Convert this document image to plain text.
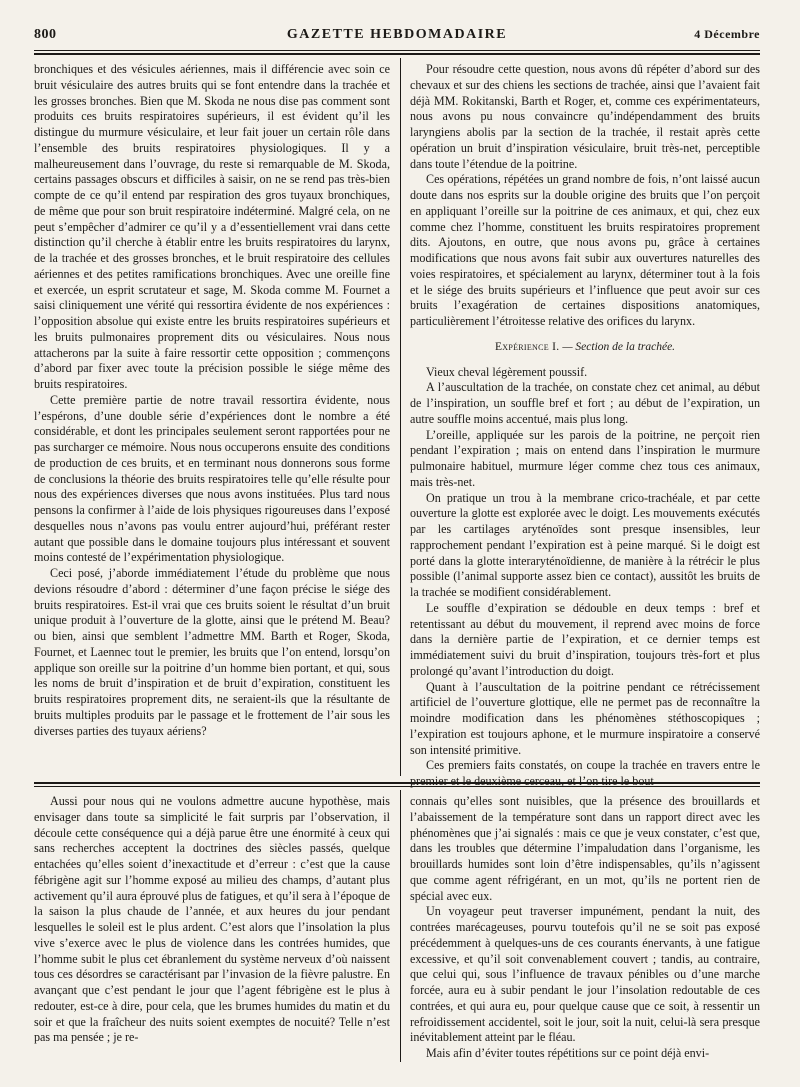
800	GAZETTE HEBDOMADAIRE	4 Décembre

bronchiques et des vésicules aériennes, mais il différencie avec soin ce bruit vésiculaire des autres bruits qui se font entendre dans la trachée et les grosses bronches. Bien que M. Skoda ne nous dise pas comment sont produits ces bruits respiratoires supérieurs, il est évident qu’il les distingue du murmure vésiculaire, et leur fait jouer un certain rôle dans l’ensemble des bruits respiratoires physiologiques. Il y a malheureusement dans l’ouvrage, du reste si remarquable de M. Skoda, certains passages obscurs et difficiles à saisir, on ne se rend pas très-bien compte de ce qu’il entend par respiration des gros tuyaux bronchiques, de même que pour son bruit respiratoire indéterminé. Malgré cela, on ne peut s’empêcher d’admirer ce qu’il y a d’essentiellement vrai dans cette distinction qu’il cherche à établir entre les bruits respiratoires du larynx, de la trachée et des grosses bronches, et le bruit respiratoire des cellules aériennes et des petites ramifications bronchiques. Avec une oreille fine et exercée, un esprit scrutateur et sage, M. Skoda comme M. Fournet a saisi cliniquement une vérité qui ressortira évidente de nos expériences : l’opposition absolue qui existe entre les bruits respiratoires supérieurs et les bruits pulmonaires proprement dits ou vésiculaires. Nous nous attacherons par la suite à faire ressortir cette opposition ; commençons d’abord par fixer avec toute la précision possible le siége même des bruits respiratoires.

Cette première partie de notre travail ressortira évidente, nous l’espérons, d’une double série d’expériences dont le nombre a été considérable, et dont les principales seulement seront rapportées pour ne pas surcharger ce mémoire. Nous nous occuperons ensuite des conditions de production de ces bruits, et en terminant nous donnerons sous forme de conclusions la théorie des bruits respiratoires telle qu’elle résulte pour nous des expériences diverses que nous avons instituées. Plus tard nous pensons la confirmer à l’aide de lois physiques rigoureuses dans l’exposé desquelles nous n’avons pas voulu entrer aujourd’hui, préférant rester autant que possible dans le domaine toujours plus intéressant et souvent moins contesté de l’expérimentation physiologique.

Ceci posé, j’aborde immédiatement l’étude du problème que nous devions résoudre d’abord : déterminer d’une façon précise le siége des bruits respiratoires. Est-il vrai que ces bruits soient le résultat d’un bruit unique produit à l’ouverture de la glotte, ainsi que le prétend M. Beau? ou bien, ainsi que semblent l’admettre MM. Barth et Roger, Skoda, Fournet, et Laennec tout le premier, les bruits que l’on entend, lorsqu’on applique son oreille sur la poitrine d’un homme bien portant, et qui, sous les noms de bruit d’inspiration et de bruit d’expiration, constituent les bruits respiratoires proprement dits, ne seraient-ils que la résultante de bruits multiples produits par le passage et le frottement de l’air sous les diverses parties des tuyaux aériens?

Pour résoudre cette question, nous avons dû répéter d’abord sur des chevaux et sur des chiens les sections de trachée, ainsi que l’avaient fait déjà MM. Rokitanski, Barth et Roger, et, comme ces expérimentateurs, nous avons pu nous convaincre qu’indépendamment des bruits laryngiens abolis par la section de la trachée, il restait après cette opération un bruit d’inspiration vésiculaire, bruit très-net, perceptible dans toute l’étendue de la poitrine.

Ces opérations, répétées un grand nombre de fois, n’ont laissé aucun doute dans nos esprits sur la double origine des bruits que l’on perçoit en appliquant l’oreille sur la poitrine de ces animaux, et qui, chez eux comme chez l’homme, constituent les bruits respiratoires proprement dits. Ajoutons, en outre, que nous avons pu, grâce à certaines modifications que nous avons fait subir aux ouvertures naturelles des voies respiratoires, et spécialement au larynx, déterminer tout à la fois et le siége des bruits supérieurs et l’influence que peut avoir sur ces bruits l’exagération de certaines dispositions anatomiques, particulièrement l’étroitesse relative des orifices du larynx.

Expérience I. — Section de la trachée.

Vieux cheval légèrement poussif.

A l’auscultation de la trachée, on constate chez cet animal, au début de l’inspiration, un souffle bref et fort ; au début de l’expiration, un autre souffle moins accentué, mais plus long.

L’oreille, appliquée sur les parois de la poitrine, ne perçoit rien pendant l’expiration ; mais on entend dans l’inspiration le murmure pulmonaire habituel, murmure léger comme chez tous ces animaux, mais très-net.

On pratique un trou à la membrane crico-trachéale, et par cette ouverture la glotte est explorée avec le doigt. Les mouvements exécutés par les cartilages aryténoïdes sont presque insensibles, leur rapprochement pendant l’expiration est à peine marqué. Si le doigt est porté dans la glotte interaryténoïdienne, de manière à la rétrécir le plus possible (l’animal supporte assez bien ce contact), aussitôt les bruits de la trachée se modifient considérablement.

Le souffle d’expiration se dédouble en deux temps : bref et retentissant au début du mouvement, il reprend avec moins de force dans la dernière partie de l’expiration, et ce dernier temps est immédiatement suivi du bruit d’inspiration, toujours très-fort et plus prolongé qu’avant l’introduction du doigt.

Quant à l’auscultation de la poitrine pendant ce rétrécissement artificiel de l’ouverture glottique, elle ne permet pas de reconnaître la moindre modification dans les phénomènes stéthoscopiques ; l’expiration est toujours aphone, et le murmure inspiratoire a conservé son intensité primitive.

Ces premiers faits constatés, on coupe la trachée en travers entre le premier et le deuxième cerceau, et l’on tire le bout

Aussi pour nous qui ne voulons admettre aucune hypothèse, mais envisager dans toute sa simplicité le fait surpris par l’observation, il découle cette conséquence qui a déjà parue être une énormité à ceux qui sans recherches acceptent la doctrines des siècles passés, quelque entachées qu’elles soient d’inexactitude et d’erreur : c’est que la cause fébrigène agit sur l’homme exposé au milieu des champs, d’autant plus activement qu’il aura éprouvé plus de fatigues, et qu’il sera à l’époque de la saison la plus chaude de l’année, et aux heures du jour pendant lesquelles le soleil est le plus ardent. C’est alors que l’insolation la plus vive s’exerce avec le plus de violence dans les contrées humides, que l’homme subit le plus cet ébranlement du système nerveux d’où naissent tous ces désordres se caractérisant par l’invasion de la fièvre palustre. En avançant que c’est pendant le jour que l’agent fébrigène est le plus à redouter, est-ce à dire, pour cela, que les brumes humides du matin et du soir et que la fraîcheur des nuits soient exemptes de nocuité? Telle n’est pas ma pensée ; je re-

connais qu’elles sont nuisibles, que la présence des brouillards et l’abaissement de la température sont dans un rapport direct avec les phénomènes que j’ai signalés : mais ce que je veux constater, c’est que, dans les troubles que détermine l’impaludation dans l’organisme, les brouillards humides sont loin d’être indispensables, qu’ils n’agissent que comme agent réfrigérant, en un mot, qu’ils ne portent rien de spécial avec eux.

Un voyageur peut traverser impunément, pendant la nuit, des contrées marécageuses, pourvu toutefois qu’il ne se soit pas exposé précédemment à quelques-uns de ces courants énervants, à une fatigue excessive, et qu’il soit convenablement couvert ; tandis, au contraire, que celui qui, sous l’influence de travaux pénibles ou d’une marche forcée, aura eu à subir pendant le jour l’insolation redoutable de ces contrées, et qui aura eu, pour quelque cause que ce soit, à ressentir un refroidissement accidentel, soit le jour, soit la nuit, celui-là sera presque inévitablement atteint par le fléau.

Mais afin d’éviter toutes répétitions sur ce point déjà envi-
